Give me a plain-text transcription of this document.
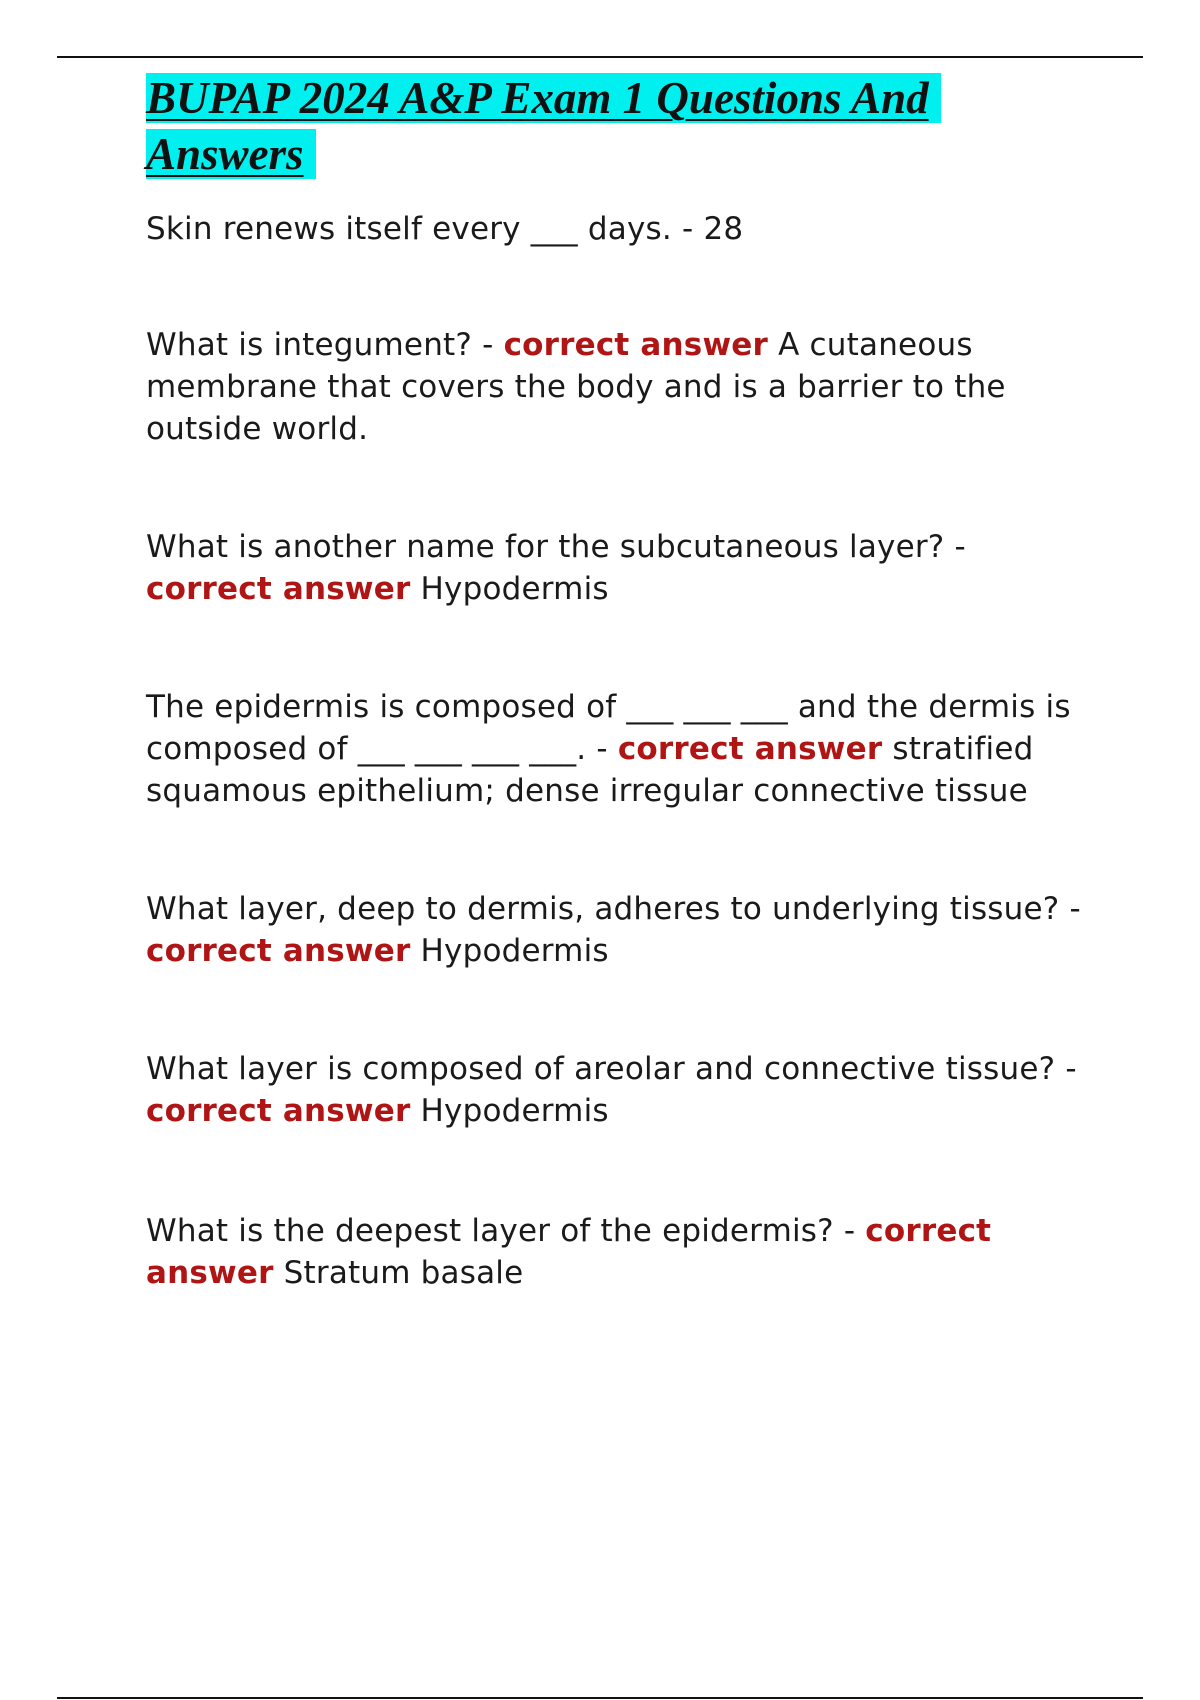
BUPAP 2024 A&P Exam 1 Questions And Answers

Skin renews itself every ___ days. - 28

What is integument? - correct answer A cutaneous membrane that covers the body and is a barrier to the outside world.

What is another name for the subcutaneous layer? -
correct answer Hypodermis

The epidermis is composed of ___ ___ ___ and the dermis is composed of ___ ___ ___ ___. - correct answer stratified squamous epithelium; dense irregular connective tissue

What layer, deep to dermis, adheres to underlying tissue? - correct answer Hypodermis

What layer is composed of areolar and connective tissue? - correct answer Hypodermis

What is the deepest layer of the epidermis? - correct answer Stratum basale
